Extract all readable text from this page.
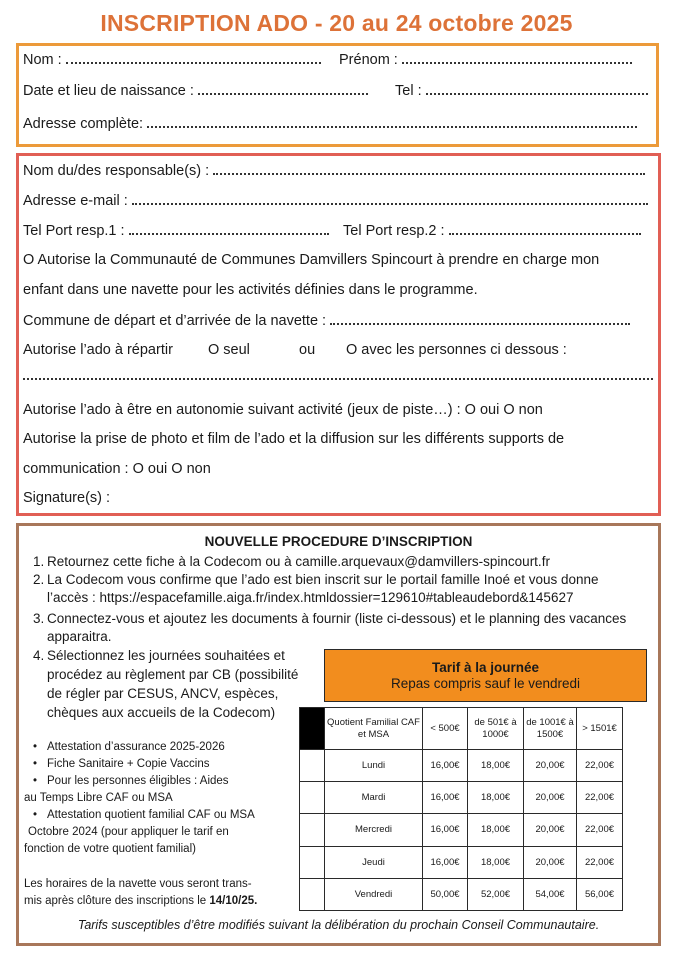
INSCRIPTION ADO - 20 au 24 octobre 2025
Nom :	Prénom :
Date et lieu de naissance :	Tel :
Adresse complète:
Nom du/des responsable(s) :
Adresse e-mail :
Tel Port resp.1 :	Tel Port resp.2 :
O Autorise la Communauté de Communes Damvillers Spincourt à prendre en charge mon
enfant dans une navette pour les activités définies dans le programme.
Commune de départ et d’arrivée de la navette :
Autorise l’ado à répartir O seul	ou O avec les personnes ci dessous :
Autorise l’ado à être en autonomie suivant activité (jeux de piste…) : O oui O non
Autorise la prise de photo et film de l’ado et la diffusion sur les différents supports de
communication : O oui O non
Signature(s) :
NOUVELLE PROCEDURE D’INSCRIPTION
1. Retournez cette fiche à la Codecom ou à camille.arquevaux@damvillers-spincourt.fr
2. La Codecom vous confirme que l’ado est bien inscrit sur le portail famille Inoé et vous donne
l’accès : https://espacefamille.aiga.fr/index.htmldossier=129610#tableaudebord&145627
3. Connectez-vous et ajoutez les documents à fournir (liste ci-dessous) et le planning des vacances
apparaitra.
4. Sélectionnez les journées souhaitées et
procédez au règlement par CB (possibilité
de régler par CESUS, ANCV, espèces,
chèques aux accueils de la Codecom)
• Attestation d’assurance 2025-2026
• Fiche Sanitaire + Copie Vaccins
• Pour les personnes éligibles : Aides
au Temps Libre CAF ou MSA
• Attestation quotient familial CAF ou MSA
Octobre 2024 (pour appliquer le tarif en
fonction de votre quotient familial)
Les horaires de la navette vous seront trans-
mis après clôture des inscriptions le 14/10/25.
Tarif à la journée
Repas compris sauf le vendredi
	Quotient Familial CAF et MSA	< 500€	de 501€ à 1000€	de 1001€ à 1500€	> 1501€
	Lundi	16,00€	18,00€	20,00€	22,00€
	Mardi	16,00€	18,00€	20,00€	22,00€
	Mercredi	16,00€	18,00€	20,00€	22,00€
	Jeudi	16,00€	18,00€	20,00€	22,00€
	Vendredi	50,00€	52,00€	54,00€	56,00€
Tarifs susceptibles d’être modifiés suivant la délibération du prochain Conseil Communautaire.
